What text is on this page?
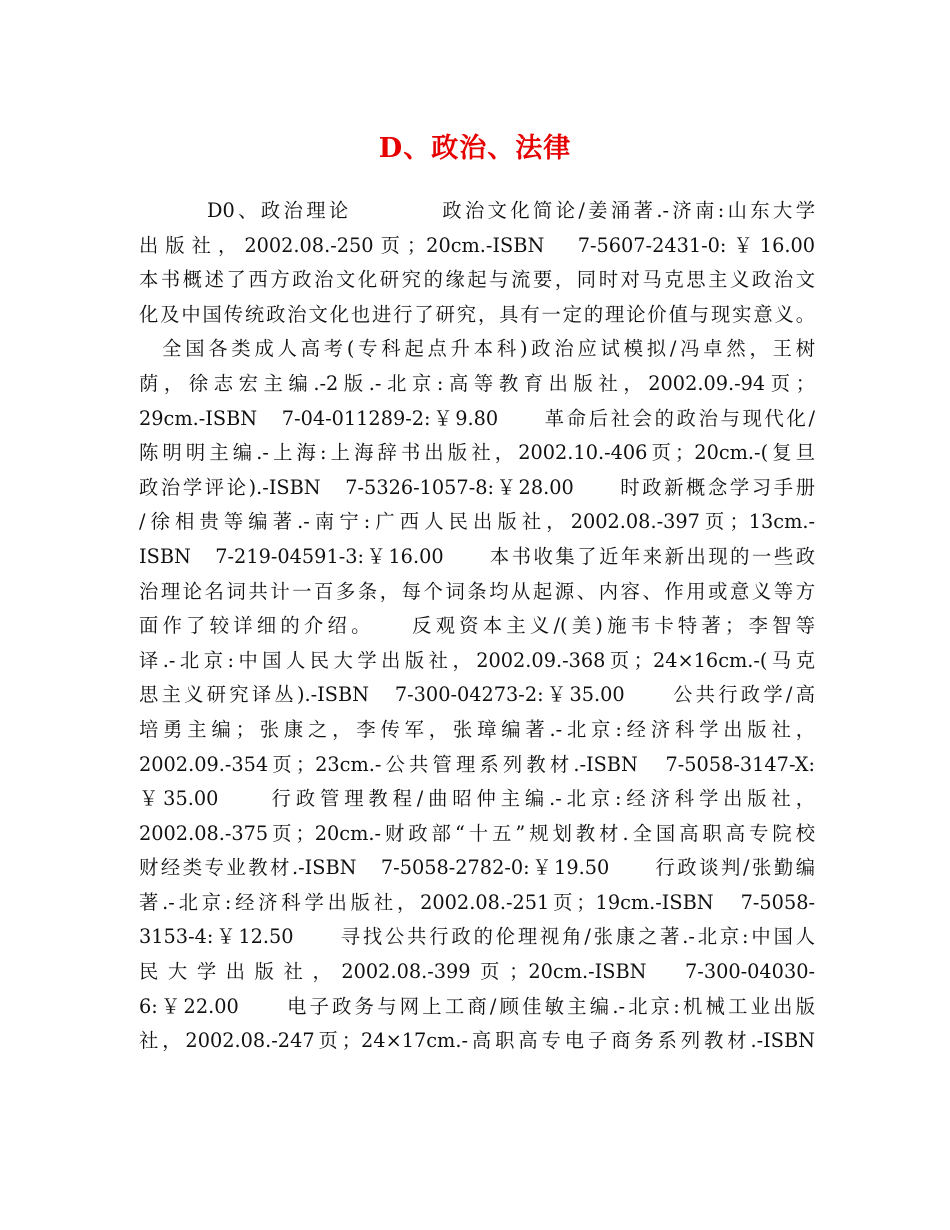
D、政治、法律
　　　D0、政治理论　　　　政治文化简论/姜涌著.-济南:山东大学
出版社，2002.08.-250页；20cm.-ISBN　7-5607-2431-0:￥16.00
本书概述了西方政治文化研究的缘起与流要，同时对马克思主义政治文
化及中国传统政治文化也进行了研究，具有一定的理论价值与现实意义。
　全国各类成人高考(专科起点升本科)政治应试模拟/冯卓然，王树
荫，徐志宏主编.-2版.-北京:高等教育出版社，2002.09.-94页；
29cm.-ISBN　7-04-011289-2:￥9.80　　革命后社会的政治与现代化/
陈明明主编.-上海:上海辞书出版社，2002.10.-406页；20cm.-(复旦
政治学评论).-ISBN　7-5326-1057-8:￥28.00　　时政新概念学习手册
/徐相贵等编著.-南宁:广西人民出版社，2002.08.-397页；13cm.-
ISBN　7-219-04591-3:￥16.00　　本书收集了近年来新出现的一些政
治理论名词共计一百多条，每个词条均从起源、内容、作用或意义等方
面作了较详细的介绍。　　反观资本主义/(美)施韦卡特著；李智等
译.-北京:中国人民大学出版社，2002.09.-368页；24×16cm.-(马克
思主义研究译丛).-ISBN　7-300-04273-2:￥35.00　　公共行政学/高
培勇主编；张康之，李传军，张璋编著.-北京:经济科学出版社，
2002.09.-354页；23cm.-公共管理系列教材.-ISBN　7-5058-3147-X:
￥35.00　　行政管理教程/曲昭仲主编.-北京:经济科学出版社，
2002.08.-375页；20cm.-财政部“十五”规划教材.全国高职高专院校
财经类专业教材.-ISBN　7-5058-2782-0:￥19.50　　行政谈判/张勤编
著.-北京:经济科学出版社，2002.08.-251页；19cm.-ISBN　7-5058-
3153-4:￥12.50　　寻找公共行政的伦理视角/张康之著.-北京:中国人
民大学出版社，2002.08.-399页；20cm.-ISBN　7-300-04030-
6:￥22.00　　电子政务与网上工商/顾佳敏主编.-北京:机械工业出版
社，2002.08.-247页；24×17cm.-高职高专电子商务系列教材.-ISBN
